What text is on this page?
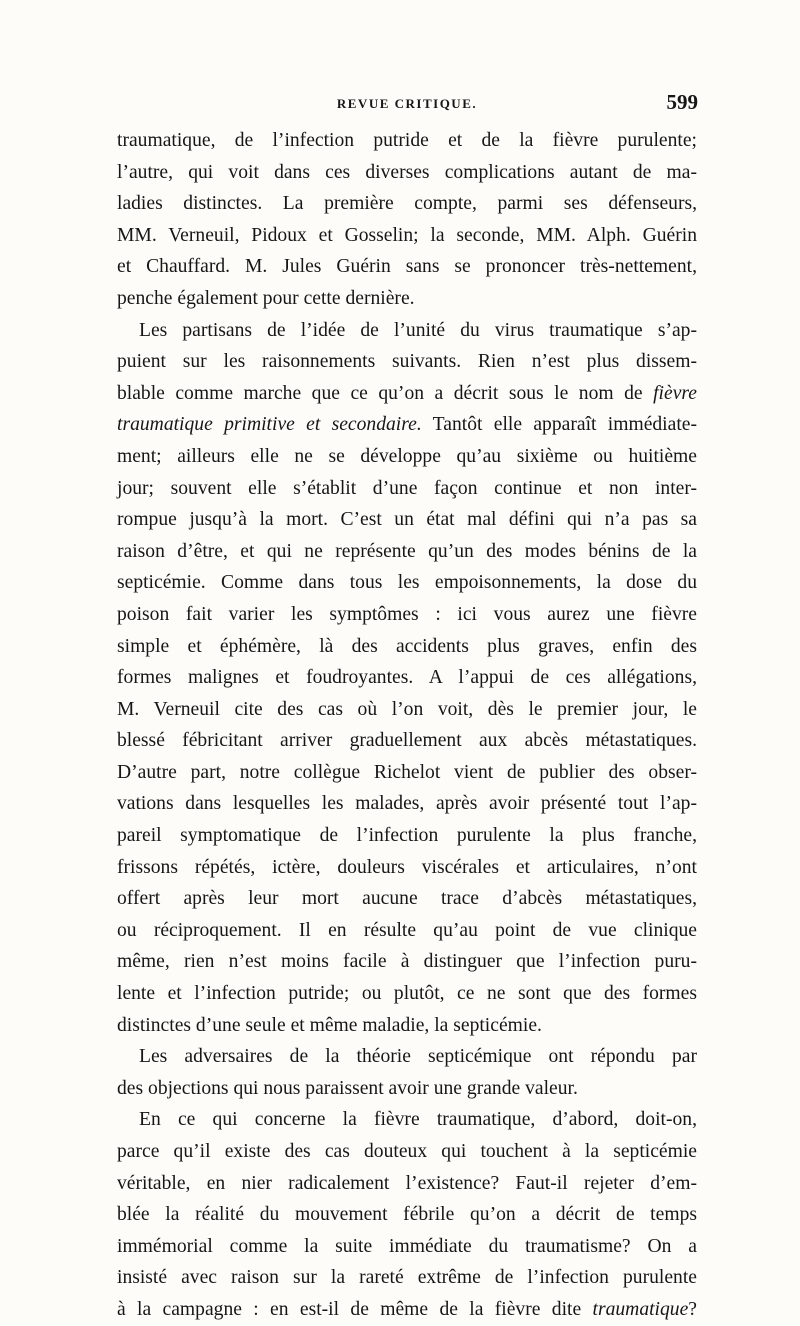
REVUE CRITIQUE.	599
traumatique, de l’infection putride et de la fièvre purulente;
l’autre, qui voit dans ces diverses complications autant de ma-
ladies distinctes. La première compte, parmi ses défenseurs,
MM. Verneuil, Pidoux et Gosselin; la seconde, MM. Alph. Guérin
et Chauffard. M. Jules Guérin sans se prononcer très-nettement,
penche également pour cette dernière.
Les partisans de l’idée de l’unité du virus traumatique s’ap-
puient sur les raisonnements suivants. Rien n’est plus dissem-
blable comme marche que ce qu’on a décrit sous le nom de fièvre
traumatique primitive et secondaire. Tantôt elle apparaît immédiate-
ment; ailleurs elle ne se développe qu’au sixième ou huitième
jour; souvent elle s’établit d’une façon continue et non inter-
rompue jusqu’à la mort. C’est un état mal défini qui n’a pas sa
raison d’être, et qui ne représente qu’un des modes bénins de la
septicémie. Comme dans tous les empoisonnements, la dose du
poison fait varier les symptômes : ici vous aurez une fièvre
simple et éphémère, là des accidents plus graves, enfin des
formes malignes et foudroyantes. A l’appui de ces allégations,
M. Verneuil cite des cas où l’on voit, dès le premier jour, le
blessé fébricitant arriver graduellement aux abcès métastatiques.
D’autre part, notre collègue Richelot vient de publier des obser-
vations dans lesquelles les malades, après avoir présenté tout l’ap-
pareil symptomatique de l’infection purulente la plus franche,
frissons répétés, ictère, douleurs viscérales et articulaires, n’ont
offert après leur mort aucune trace d’abcès métastatiques,
ou réciproquement. Il en résulte qu’au point de vue clinique
même, rien n’est moins facile à distinguer que l’infection puru-
lente et l’infection putride; ou plutôt, ce ne sont que des formes
distinctes d’une seule et même maladie, la septicémie.
Les adversaires de la théorie septicémique ont répondu par
des objections qui nous paraissent avoir une grande valeur.
En ce qui concerne la fièvre traumatique, d’abord, doit-on,
parce qu’il existe des cas douteux qui touchent à la septicémie
véritable, en nier radicalement l’existence? Faut-il rejeter d’em-
blée la réalité du mouvement fébrile qu’on a décrit de temps
immémorial comme la suite immédiate du traumatisme? On a
insisté avec raison sur la rareté extrême de l’infection purulente
à la campagne : en est-il de même de la fièvre dite traumatique?
